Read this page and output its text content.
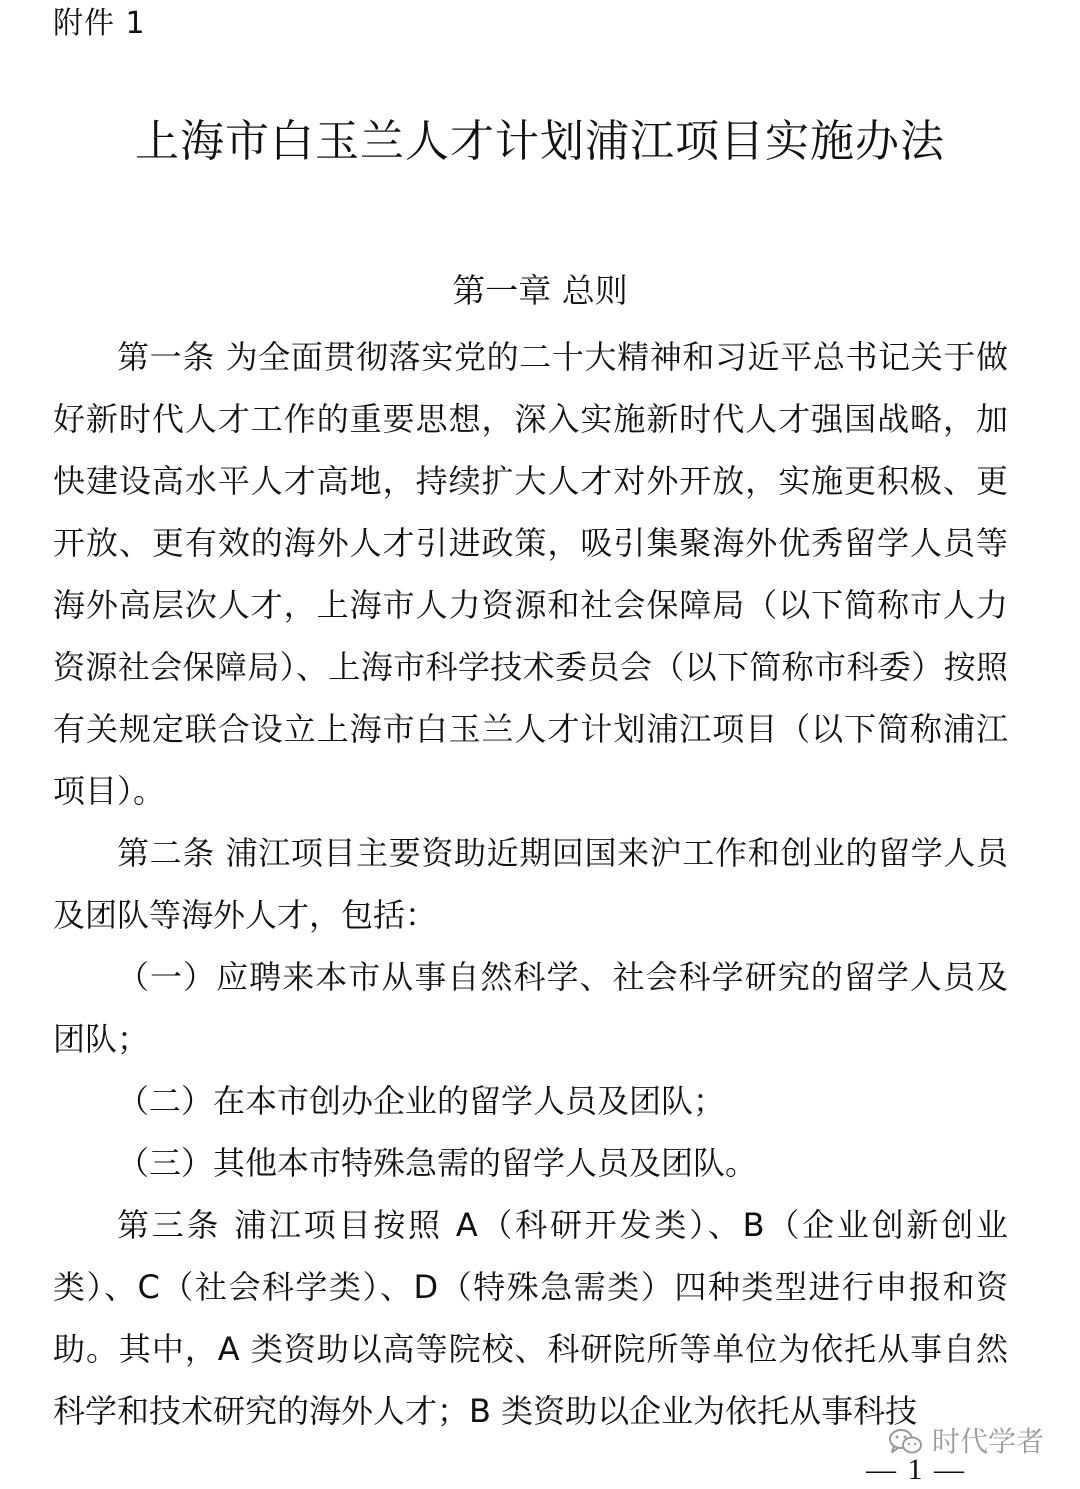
附件 1
上海市白玉兰人才计划浦江项目实施办法
第一章 总则

第一条 为全面贯彻落实党的二十大精神和习近平总书记关于做好新时代人才工作的重要思想，深入实施新时代人才强国战略，加快建设高水平人才高地，持续扩大人才对外开放，实施更积极、更开放、更有效的海外人才引进政策，吸引集聚海外优秀留学人员等海外高层次人才，上海市人力资源和社会保障局（以下简称市人力资源社会保障局）、上海市科学技术委员会（以下简称市科委）按照有关规定联合设立上海市白玉兰人才计划浦江项目（以下简称浦江项目）。

第二条 浦江项目主要资助近期回国来沪工作和创业的留学人员及团队等海外人才，包括：

（一）应聘来本市从事自然科学、社会科学研究的留学人员及团队；

（二）在本市创办企业的留学人员及团队；

（三）其他本市特殊急需的留学人员及团队。

第三条 浦江项目按照 A（科研开发类）、B（企业创新创业类）、C（社会科学类）、D（特殊急需类）四种类型进行申报和资助。其中，A 类资助以高等院校、科研院所等单位为依托从事自然科学和技术研究的海外人才；B 类资助以企业为依托从事科技

时代学者
— 1 —
